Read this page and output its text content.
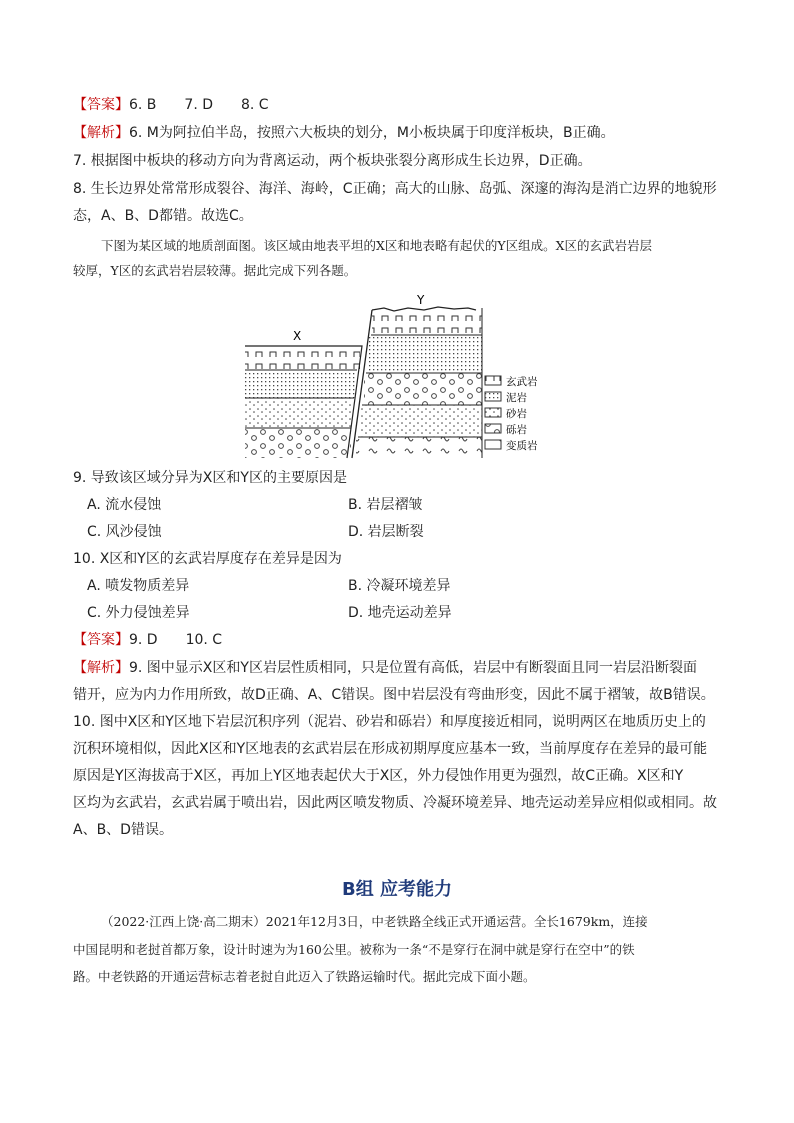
【答案】6. B　　7. D　　8. C
【解析】6. M为阿拉伯半岛，按照六大板块的划分，M小板块属于印度洋板块，B正确。
7. 根据图中板块的移动方向为背离运动，两个板块张裂分离形成生长边界，D正确。
8. 生长边界处常常形成裂谷、海洋、海岭，C正确；高大的山脉、岛弧、深邃的海沟是消亡边界的地貌形
态，A、B、D都错。故选C。
下图为某区域的地质剖面图。该区域由地表平坦的X区和地表略有起伏的Y区组成。X区的玄武岩岩层
较厚，Y区的玄武岩岩层较薄。据此完成下列各题。
X
Y
玄武岩
泥岩
砂岩
砾岩
变质岩
9. 导致该区域分异为X区和Y区的主要原因是
A. 流水侵蚀	B. 岩层褶皱
C. 风沙侵蚀	D. 岩层断裂
10. X区和Y区的玄武岩厚度存在差异是因为
A. 喷发物质差异	B. 冷凝环境差异
C. 外力侵蚀差异	D. 地壳运动差异
【答案】9. D　　10. C
【解析】9. 图中显示X区和Y区岩层性质相同，只是位置有高低，岩层中有断裂面且同一岩层沿断裂面
错开，应为内力作用所致，故D正确、A、C错误。图中岩层没有弯曲形变，因此不属于褶皱，故B错误。
10. 图中X区和Y区地下岩层沉积序列（泥岩、砂岩和砾岩）和厚度接近相同，说明两区在地质历史上的
沉积环境相似，因此X区和Y区地表的玄武岩层在形成初期厚度应基本一致，当前厚度存在差异的最可能
原因是Y区海拔高于X区，再加上Y区地表起伏大于X区，外力侵蚀作用更为强烈，故C正确。X区和Y
区均为玄武岩，玄武岩属于喷出岩，因此两区喷发物质、冷凝环境差异、地壳运动差异应相似或相同。故
A、B、D错误。
B组 应考能力
（2022·江西上饶·高二期末）2021年12月3日，中老铁路全线正式开通运营。全长1679km，连接
中国昆明和老挝首都万象，设计时速为为160公里。被称为一条“不是穿行在洞中就是穿行在空中”的铁
路。中老铁路的开通运营标志着老挝自此迈入了铁路运输时代。据此完成下面小题。
